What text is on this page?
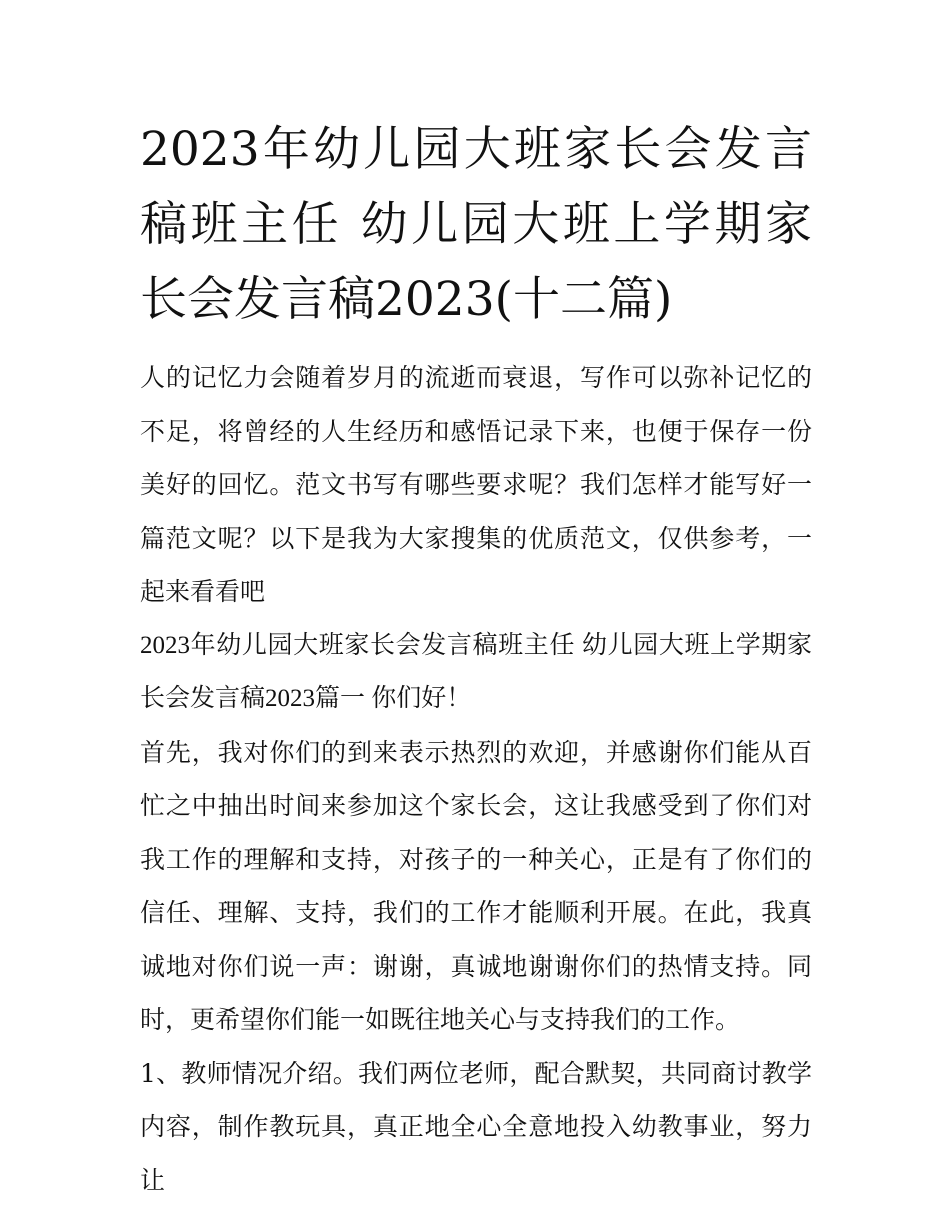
2023年幼儿园大班家长会发言稿班主任 幼儿园大班上学期家长会发言稿2023(十二篇)

人的记忆力会随着岁月的流逝而衰退，写作可以弥补记忆的不足，将曾经的人生经历和感悟记录下来，也便于保存一份美好的回忆。范文书写有哪些要求呢？我们怎样才能写好一篇范文呢？以下是我为大家搜集的优质范文，仅供参考，一起来看看吧

2023年幼儿园大班家长会发言稿班主任 幼儿园大班上学期家长会发言稿2023篇一 你们好！

首先，我对你们的到来表示热烈的欢迎，并感谢你们能从百忙之中抽出时间来参加这个家长会，这让我感受到了你们对我工作的理解和支持，对孩子的一种关心，正是有了你们的信任、理解、支持，我们的工作才能顺利开展。在此，我真诚地对你们说一声：谢谢，真诚地谢谢你们的热情支持。同时，更希望你们能一如既往地关心与支持我们的工作。

1、教师情况介绍。我们两位老师，配合默契，共同商讨教学内容，制作教玩具，真正地全心全意地投入幼教事业，努力让
